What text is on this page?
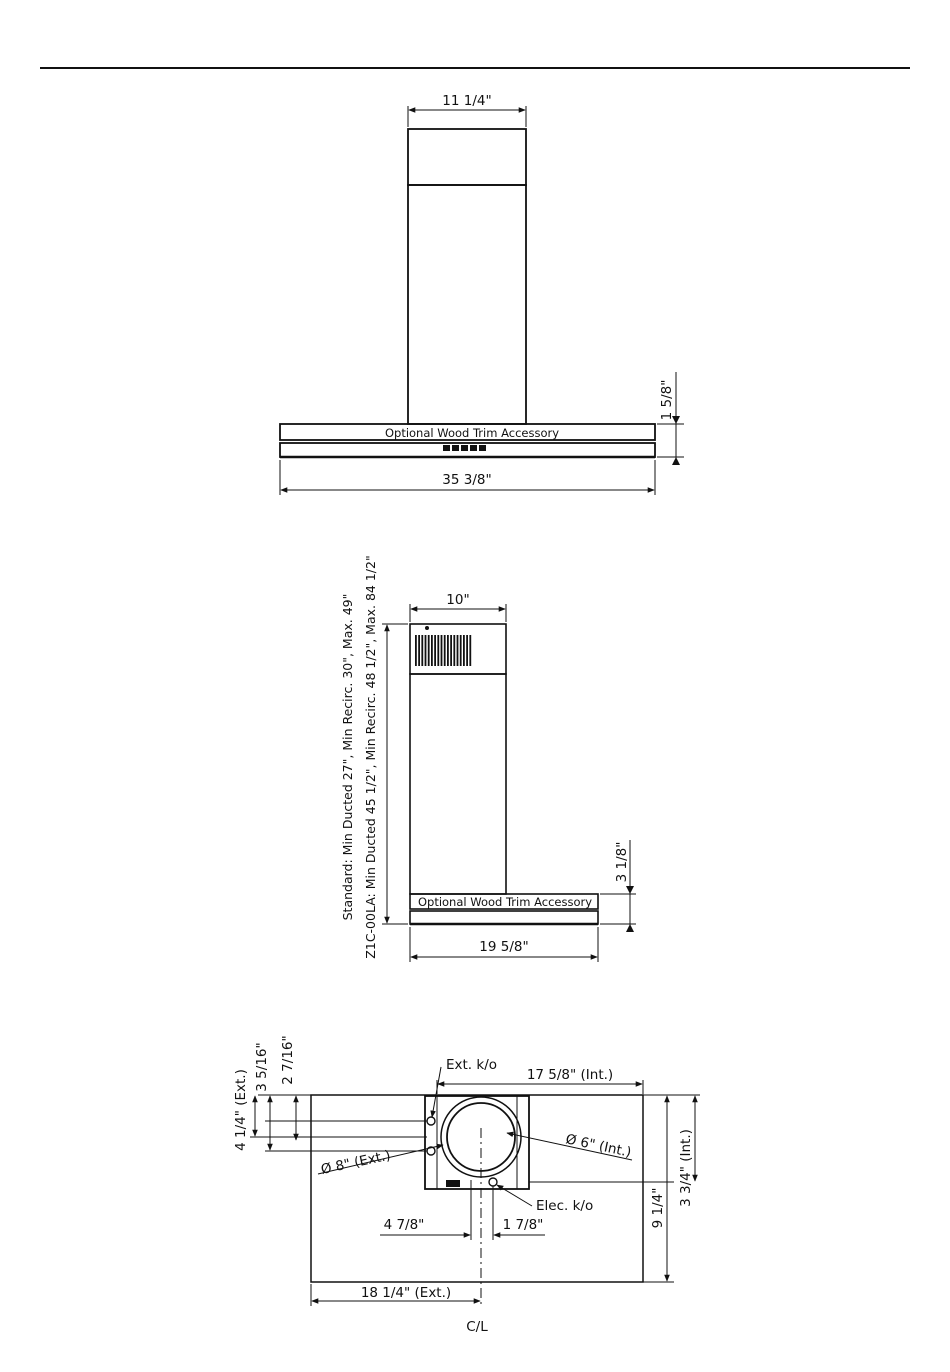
Optional Wood Trim Accessory
11 1/4"
35 3/8"
1 5/8"
Optional Wood Trim Accessory
10"
19 5/8"
3 1/8"
Standard: Min Ducted 27", Min Recirc. 30", Max. 49" Z1C-00LA: Min Ducted 45 1/2", Min Recirc. 48 1/2", Max. 84 1/2"
C/L
Ext. k/o
17 5/8" (Int.)
Ø 6" (Int.)
Ø 8" (Ext.)
Elec. k/o
4 1/4" (Ext.)
3 5/16" 2 7/16"
4 7/8"	1 7/8"	9 1/4"
3 3/4" (Int.)
18 1/4" (Ext.)
